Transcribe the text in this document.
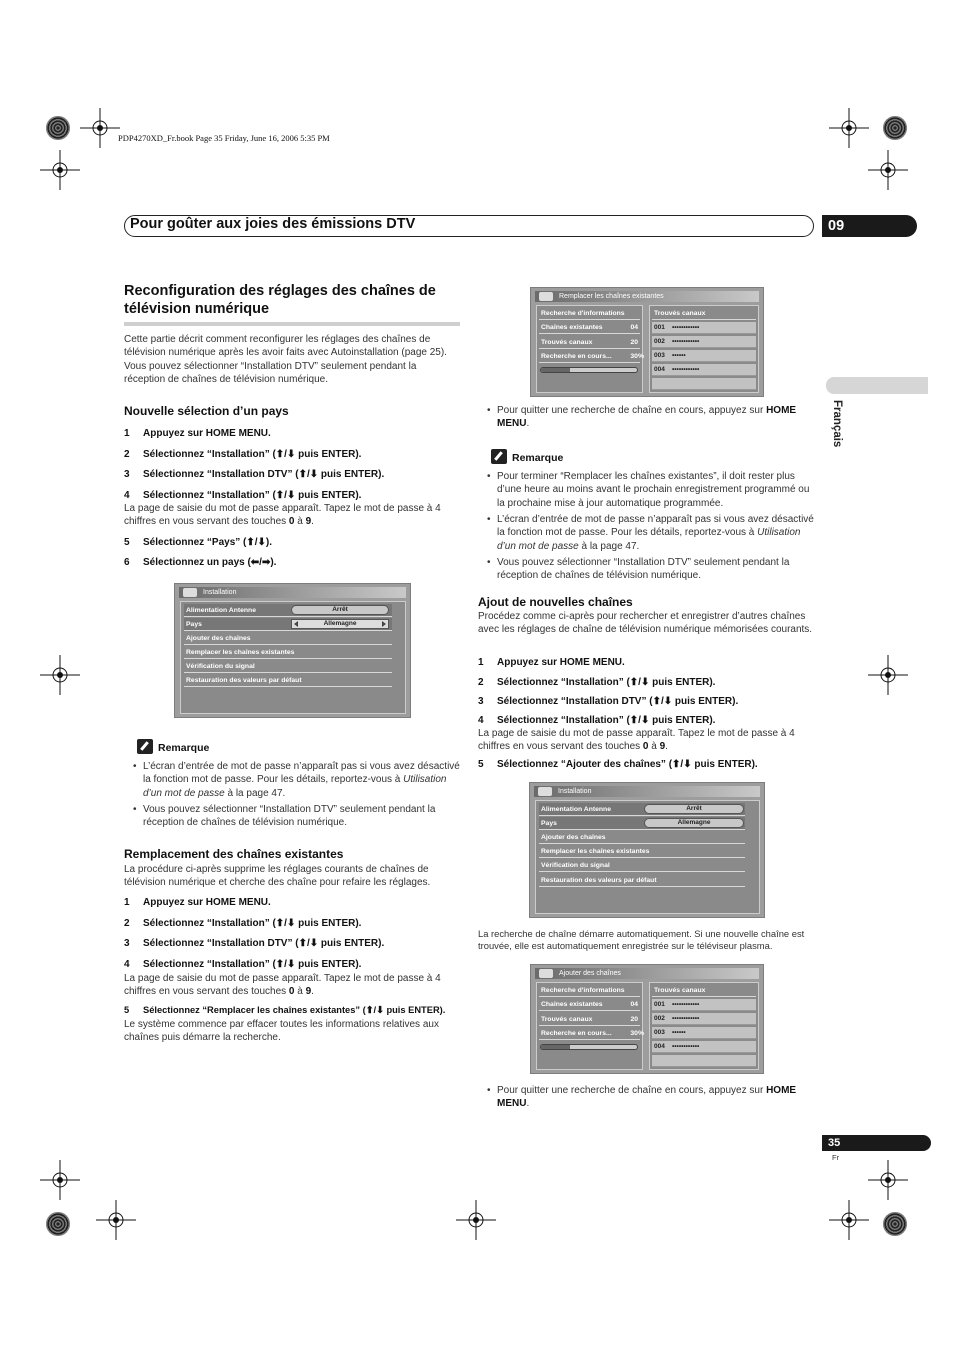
PDP4270XD_Fr.book Page 35 Friday, June 16, 2006 5:35 PM
Pour goûter aux joies des émissions DTV	09
Français
Reconfiguration des réglages des chaînes de télévision numérique
Cette partie décrit comment reconfigurer les réglages des chaînes de télévision numérique après les avoir faits avec Autoinstallation (page 25). Vous pouvez sélectionner “Installation DTV” seulement pendant la réception de chaînes de télévision numérique.
Nouvelle sélection d’un pays
1 Appuyez sur HOME MENU.
2 Sélectionnez “Installation” (⬆/⬇ puis ENTER).
3 Sélectionnez “Installation DTV” (⬆/⬇ puis ENTER).
4 Sélectionnez “Installation” (⬆/⬇ puis ENTER).
La page de saisie du mot de passe apparaît. Tapez le mot de passe à 4 chiffres en vous servant des touches 0 à 9.
5 Sélectionnez “Pays” (⬆/⬇).
6 Sélectionnez un pays (⬅/➡).
Installation
Alimentation Antenne
Pays
Ajouter des chaînes
Remplacer les chaînes existantes
Vérification du signal
Restauration des valeurs par défaut
Arrêt
Allemagne
Remarque
• L’écran d’entrée de mot de passe n’apparaît pas si vous avez désactivé la fonction mot de passe. Pour les détails, reportez-vous à Utilisation d’un mot de passe à la page 47.
• Vous pouvez sélectionner “Installation DTV” seulement pendant la réception de chaînes de télévision numérique.
Remplacement des chaînes existantes
La procédure ci-après supprime les réglages courants de chaînes de télévision numérique et cherche des chaîne pour refaire les réglages.
1 Appuyez sur HOME MENU.
2 Sélectionnez “Installation” (⬆/⬇ puis ENTER).
3 Sélectionnez “Installation DTV” (⬆/⬇ puis ENTER).
4 Sélectionnez “Installation” (⬆/⬇ puis ENTER).
La page de saisie du mot de passe apparaît. Tapez le mot de passe à 4 chiffres en vous servant des touches 0 à 9.
5 Sélectionnez “Remplacer les chaînes existantes” (⬆/⬇ puis ENTER).
Le système commence par effacer toutes les informations relatives aux chaînes puis démarre la recherche.
Remplacer les chaînes existantes
Recherche d'informations
Chaînes existantes	04
Trouvés canaux	20
Recherche en cours...	30%
Trouvés canaux
001 ••••••••••••
002 ••••••••••••
003 ••••••
004 ••••••••••••
• Pour quitter une recherche de chaîne en cours, appuyez sur HOME MENU.
Remarque
• Pour terminer “Remplacer les chaînes existantes”, il doit rester plus d’une heure au moins avant le prochain enregistrement programmé ou la prochaine mise à jour automatique programmée.
• L’écran d’entrée de mot de passe n’apparaît pas si vous avez désactivé la fonction mot de passe. Pour les détails, reportez-vous à Utilisation d’un mot de passe à la page 47.
• Vous pouvez sélectionner “Installation DTV” seulement pendant la réception de chaînes de télévision numérique.
Ajout de nouvelles chaînes
Procédez comme ci-après pour rechercher et enregistrer d’autres chaînes avec les réglages de chaîne de télévision numérique mémorisées courants.
1 Appuyez sur HOME MENU.
2 Sélectionnez “Installation” (⬆/⬇ puis ENTER).
3 Sélectionnez “Installation DTV” (⬆/⬇ puis ENTER).
4 Sélectionnez “Installation” (⬆/⬇ puis ENTER).
La page de saisie du mot de passe apparaît. Tapez le mot de passe à 4 chiffres en vous servant des touches 0 à 9.
5 Sélectionnez “Ajouter des chaînes” (⬆/⬇ puis ENTER).
Installation
Alimentation Antenne
Pays
Ajouter des chaînes
Remplacer les chaînes existantes
Vérification du signal
Restauration des valeurs par défaut
Arrêt
Allemagne
La recherche de chaîne démarre automatiquement. Si une nouvelle chaîne est trouvée, elle est automatiquement enregistrée sur le téléviseur plasma.
Ajouter des chaînes
Recherche d'informations
Chaînes existantes	04
Trouvés canaux	20
Recherche en cours...	30%
Trouvés canaux
001 ••••••••••••
002 ••••••••••••
003 ••••••
004 ••••••••••••
• Pour quitter une recherche de chaîne en cours, appuyez sur HOME MENU.
35
Fr
